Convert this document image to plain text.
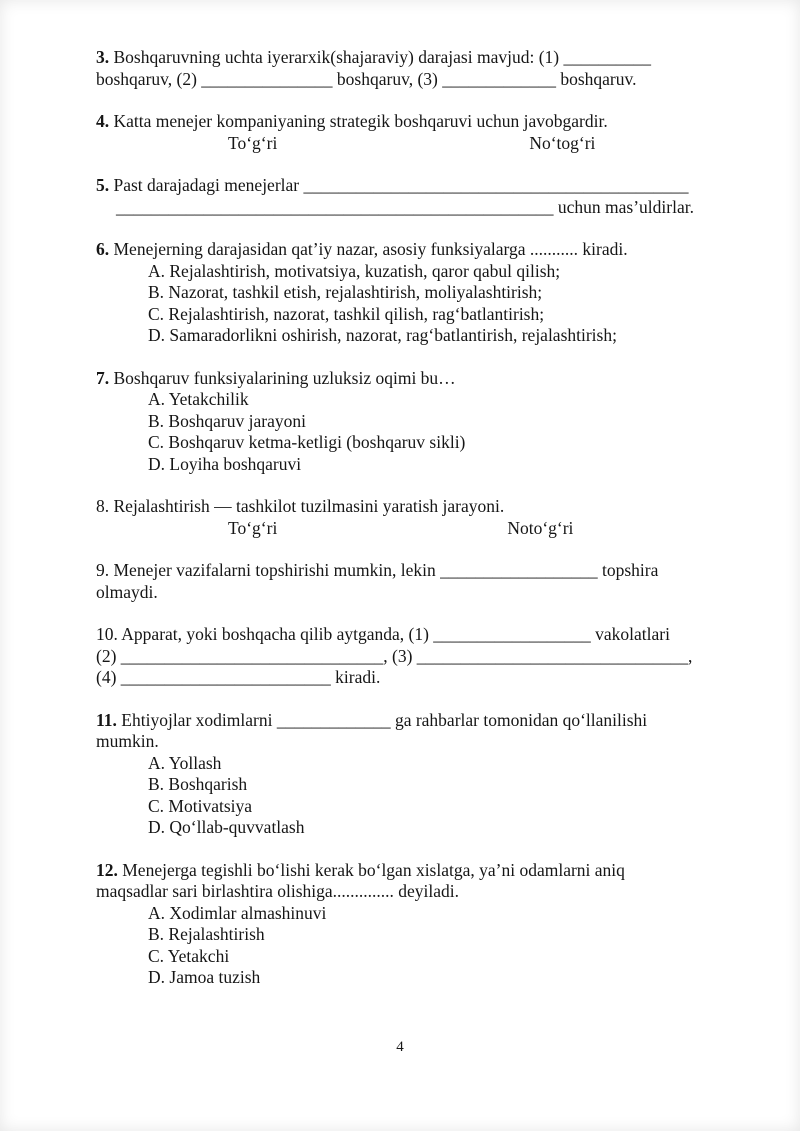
3. Boshqaruvning uchta iyerarxik(shajaraviy) darajasi mavjud: (1) __________
boshqaruv, (2) _______________ boshqaruv, (3) _____________ boshqaruv.
4. Katta menejer kompaniyaning strategik boshqaruvi uchun javobgardir.
To‘g‘ri	No‘tog‘ri
5. Past darajadagi menejerlar ____________________________________________
__________________________________________________ uchun mas’uldirlar.
6. Menejerning darajasidan qat’iy nazar, asosiy funksiyalarga ........... kiradi.
A. Rejalashtirish, motivatsiya, kuzatish, qaror qabul qilish;
B. Nazorat, tashkil etish, rejalashtirish, moliyalashtirish;
C. Rejalashtirish, nazorat, tashkil qilish, rag‘batlantirish;
D. Samaradorlikni oshirish, nazorat, rag‘batlantirish, rejalashtirish;
7. Boshqaruv funksiyalarining uzluksiz oqimi bu…
A. Yetakchilik
B. Boshqaruv jarayoni
C. Boshqaruv ketma-ketligi (boshqaruv sikli)
D. Loyiha boshqaruvi
8. Rejalashtirish — tashkilot tuzilmasini yaratish jarayoni.
To‘g‘ri	Noto‘g‘ri
9. Menejer vazifalarni topshirishi mumkin, lekin __________________ topshira
olmaydi.
10. Apparat, yoki boshqacha qilib aytganda, (1) __________________ vakolatlari
(2) ______________________________, (3) _______________________________,
(4) ________________________ kiradi.
11. Ehtiyojlar xodimlarni _____________ ga rahbarlar tomonidan qo‘llanilishi
mumkin.
A. Yollash
B. Boshqarish
C. Motivatsiya
D. Qo‘llab-quvvatlash
12. Menejerga tegishli bo‘lishi kerak bo‘lgan xislatga, ya’ni odamlarni aniq
maqsadlar sari birlashtira olishiga.............. deyiladi.
A. Xodimlar almashinuvi
B. Rejalashtirish
C. Yetakchi
D. Jamoa tuzish
4
